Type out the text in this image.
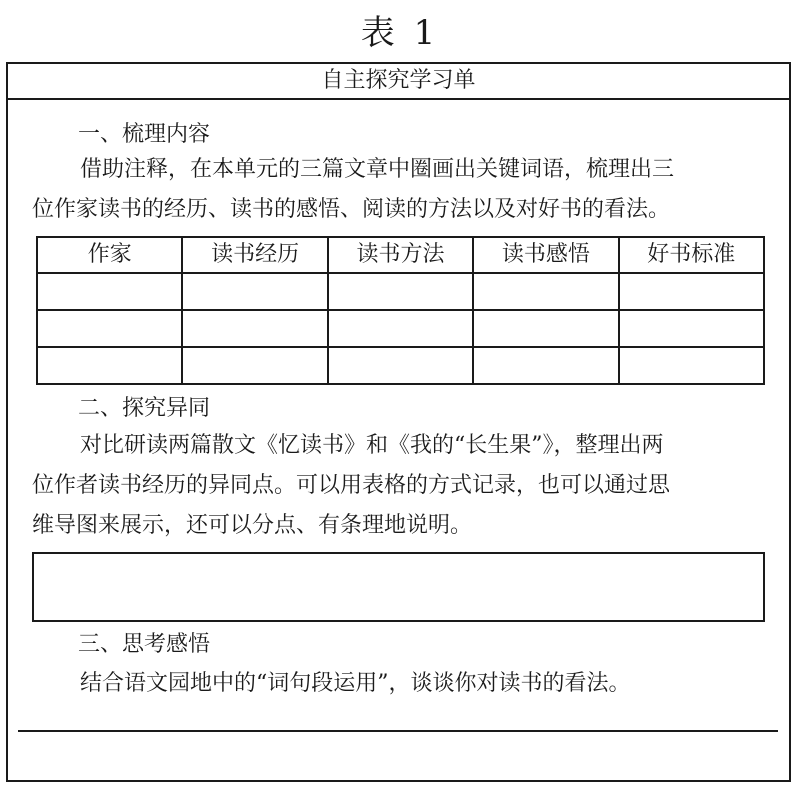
表 1
自主探究学习单
一、梳理内容
借助注释，在本单元的三篇文章中圈画出关键词语，梳理出三
位作家读书的经历、读书的感悟、阅读的方法以及对好书的看法。
作家	读书经历	读书方法	读书感悟	好书标准

二、探究异同
对比研读两篇散文《忆读书》和《我的“长生果”》，整理出两
位作者读书经历的异同点。可以用表格的方式记录，也可以通过思
维导图来展示，还可以分点、有条理地说明。
三、思考感悟
结合语文园地中的“词句段运用”，谈谈你对读书的看法。
